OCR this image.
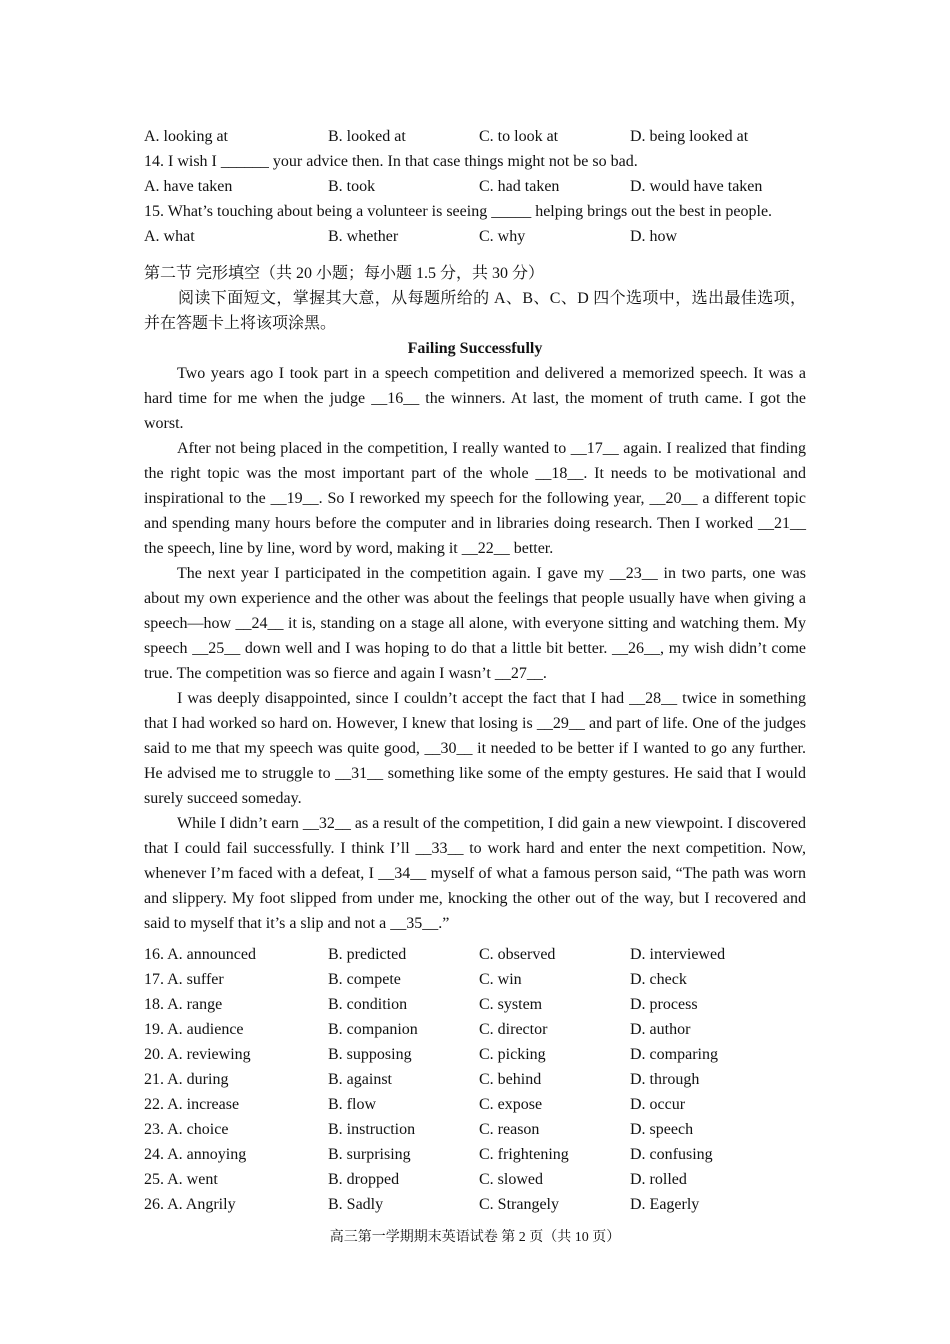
A. looking at	B. looked at	C. to look at	D. being looked at
14. I wish I ______ your advice then. In that case things might not be so bad.
A. have taken	B. took	C. had taken	D. would have taken
15. What’s touching about being a volunteer is seeing _____ helping brings out the best in people.
A. what	B. whether	C. why	D. how
第二节 完形填空（共 20 小题；每小题 1.5 分，共 30 分）
阅读下面短文，掌握其大意，从每题所给的 A、B、C、D 四个选项中，选出最佳选项，并在答题卡上将该项涂黑。
Failing Successfully

Two years ago I took part in a speech competition and delivered a memorized speech. It was a hard time for me when the judge __16__ the winners. At last, the moment of truth came. I got the worst.

After not being placed in the competition, I really wanted to __17__ again. I realized that finding the right topic was the most important part of the whole __18__. It needs to be motivational and inspirational to the __19__. So I reworked my speech for the following year, __20__ a different topic and spending many hours before the computer and in libraries doing research. Then I worked __21__ the speech, line by line, word by word, making it __22__ better.

The next year I participated in the competition again. I gave my __23__ in two parts, one was about my own experience and the other was about the feelings that people usually have when giving a speech—how __24__ it is, standing on a stage all alone, with everyone sitting and watching them. My speech __25__ down well and I was hoping to do that a little bit better. __26__, my wish didn’t come true. The competition was so fierce and again I wasn’t __27__.

I was deeply disappointed, since I couldn’t accept the fact that I had __28__ twice in something that I had worked so hard on. However, I knew that losing is __29__ and part of life. One of the judges said to me that my speech was quite good, __30__ it needed to be better if I wanted to go any further. He advised me to struggle to __31__ something like some of the empty gestures. He said that I would surely succeed someday.

While I didn’t earn __32__ as a result of the competition, I did gain a new viewpoint. I discovered that I could fail successfully. I think I’ll __33__ to work hard and enter the next competition. Now, whenever I’m faced with a defeat, I __34__ myself of what a famous person said, “The path was worn and slippery. My foot slipped from under me, knocking the other out of the way, but I recovered and said to myself that it’s a slip and not a __35__.”

16. A. announced	B. predicted	C. observed	D. interviewed
17. A. suffer	B. compete	C. win	D. check
18. A. range	B. condition	C. system	D. process
19. A. audience	B. companion	C. director	D. author
20. A. reviewing	B. supposing	C. picking	D. comparing
21. A. during	B. against	C. behind	D. through
22. A. increase	B. flow	C. expose	D. occur
23. A. choice	B. instruction	C. reason	D. speech
24. A. annoying	B. surprising	C. frightening	D. confusing
25. A. went	B. dropped	C. slowed	D. rolled
26. A. Angrily	B. Sadly	C. Strangely	D. Eagerly
高三第一学期期末英语试卷 第 2 页（共 10 页）
